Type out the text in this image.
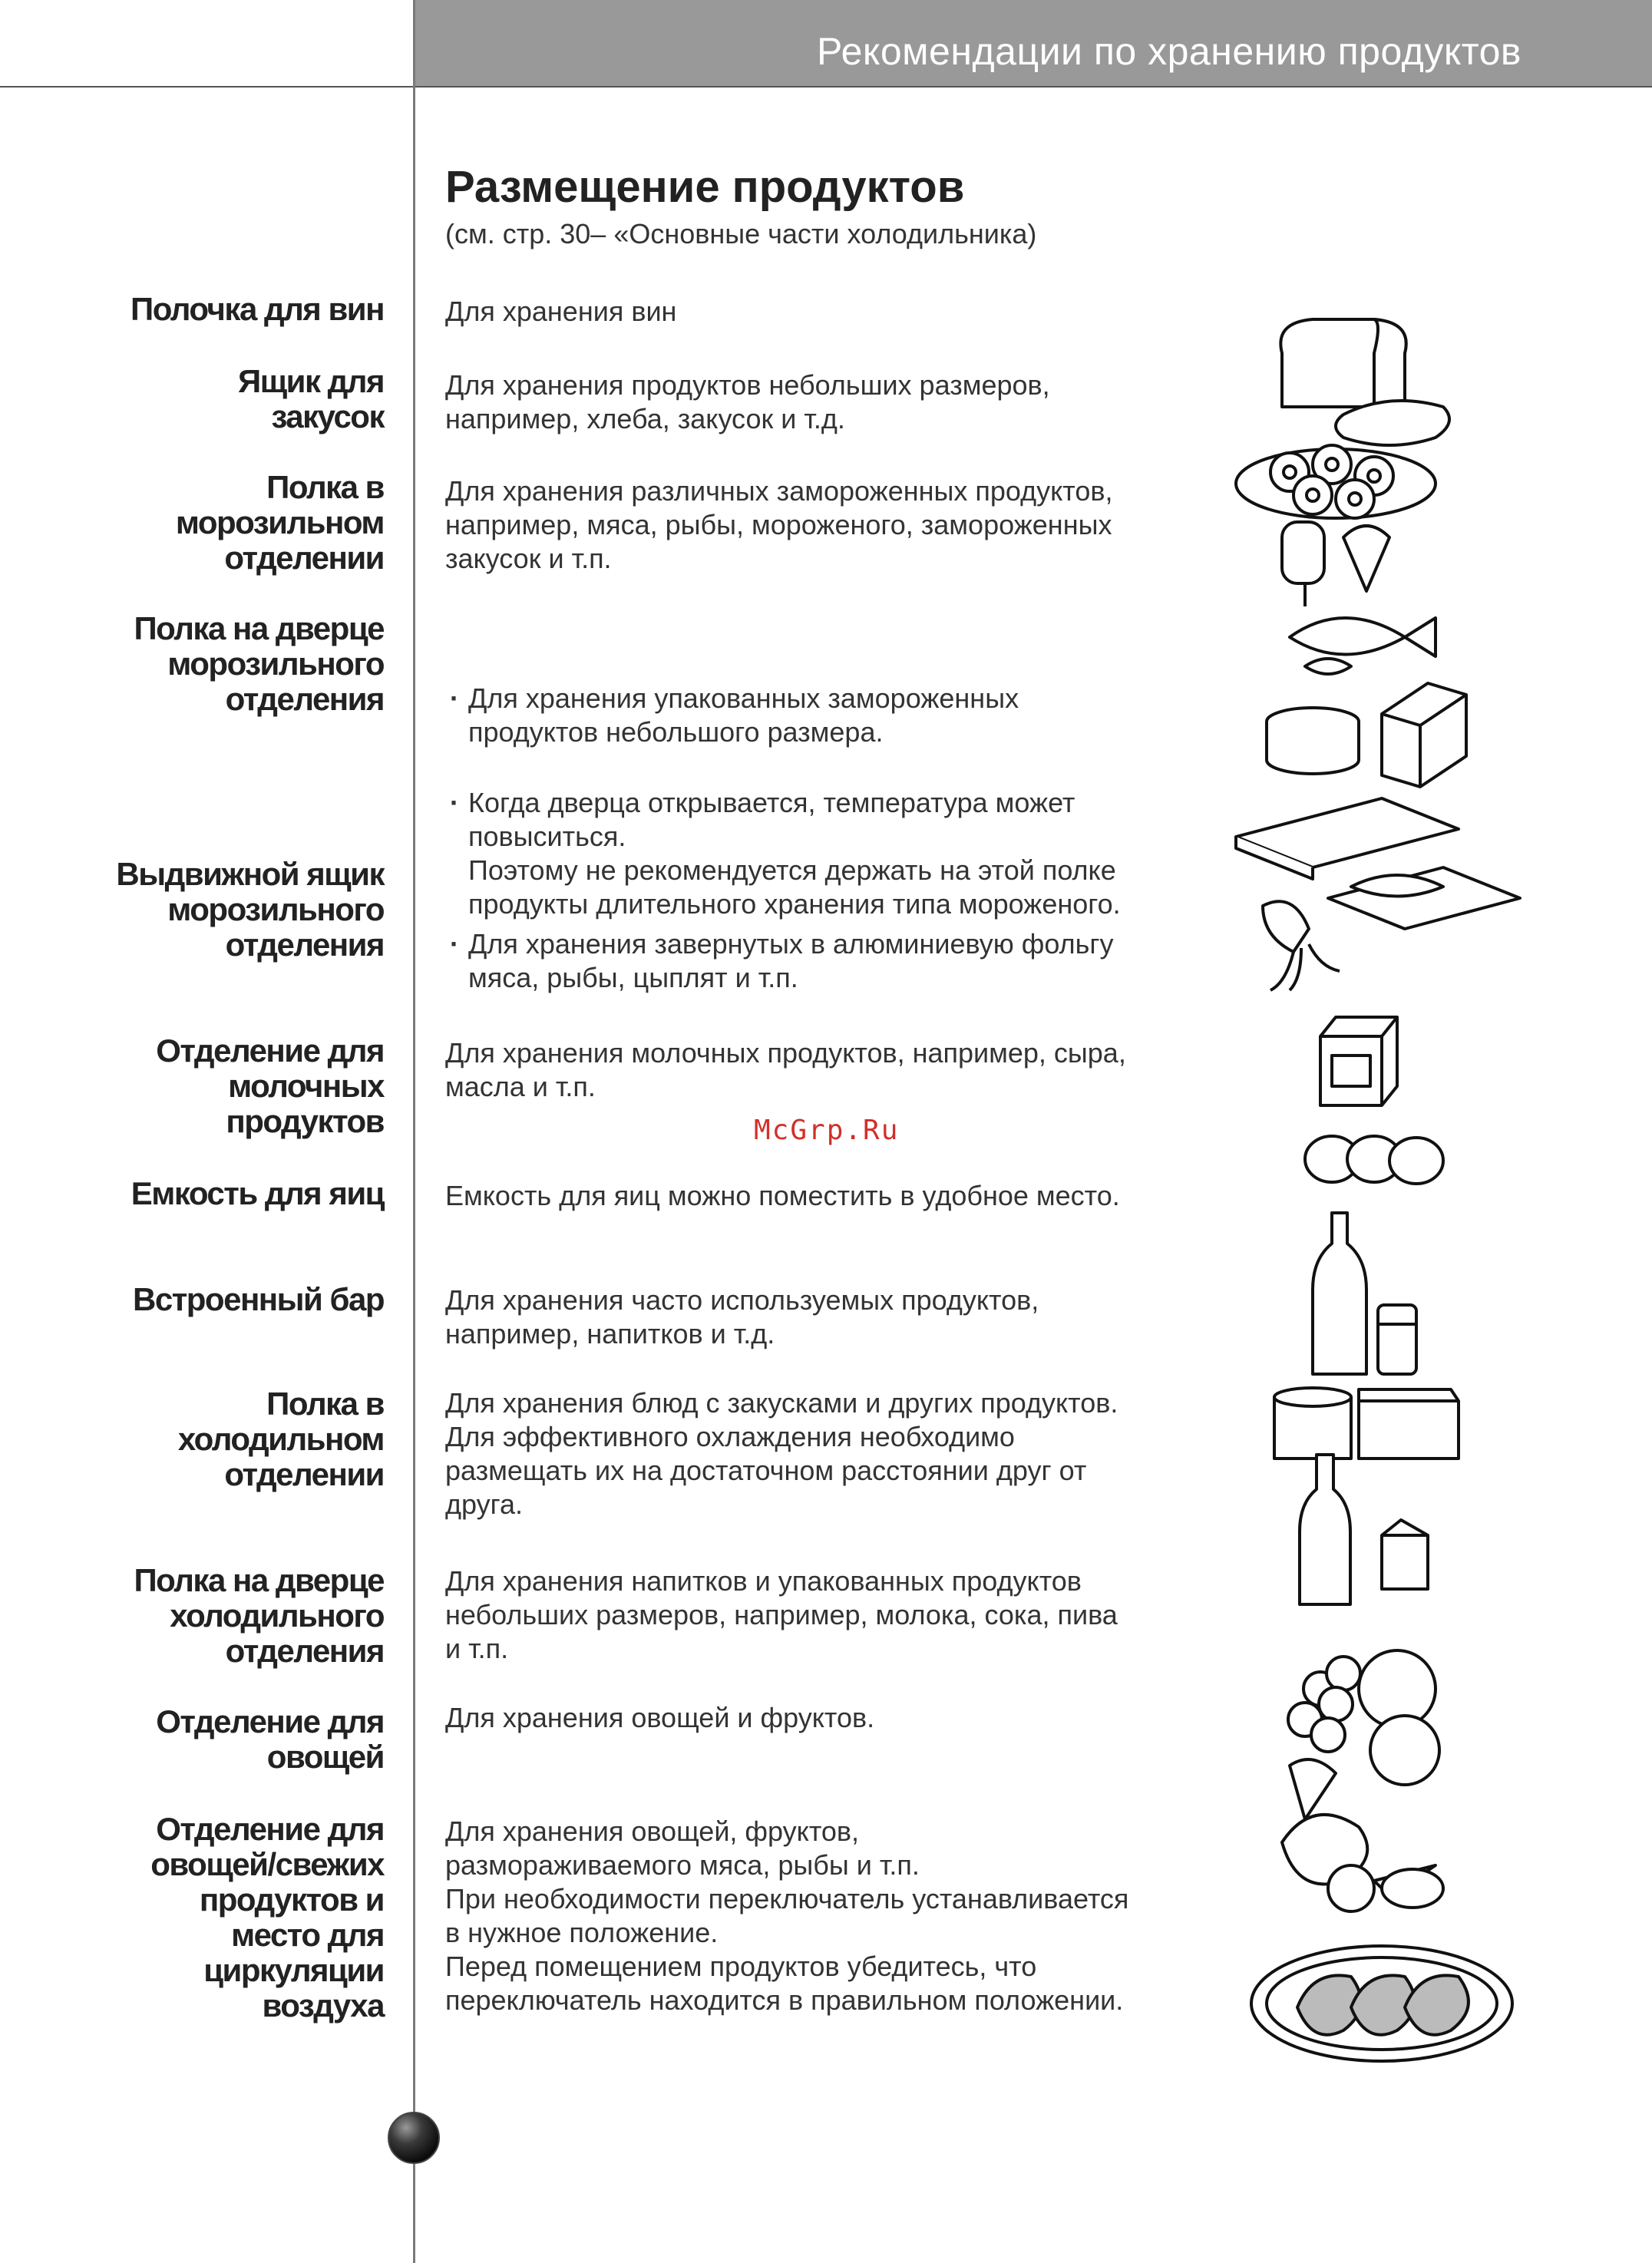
Рекомендации по хранению продуктов
Размещение продуктов
(см. стр. 30– «Основные части холодильника)
Полочка для вин Для хранения вин
Ящик для
закусок
Для хранения продуктов небольших размеров,
например, хлеба, закусок и т.д.
Полка в
морозильном
отделении
Для хранения различных замороженных продуктов,
например, мяса, рыбы, мороженого, замороженных
закусок и т.п.
Полка на дверце
морозильного
отделения	· Для хранения упакованных замороженных
продуктов небольшого размера.

· Когда дверца открывается, температура может
повыситься.
Поэтому не рекомендуется держать на этой полке
продукты длительного хранения типа мороженого.

Выдвижной ящик
морозильного
отделения	· Для хранения завернутых в алюминиевую фольгу
мяса, рыбы, цыплят и т.п.

Отделение для
молочных
продуктов
Для хранения молочных продуктов, например, сыра,
масла и т.п.
Емкость для яиц Емкость для яиц можно поместить в удобное место.
Встроенный бар Для хранения часто используемых продуктов,
например, напитков и т.д.
Полка в
холодильном
отделении
Для хранения блюд с закусками и других продуктов.
Для эффективного охлаждения необходимо
размещать их на достаточном расстоянии друг от
друга.
Полка на дверце
холодильного
отделения
Для хранения напитков и упакованных продуктов
небольших размеров, например, молока, сока, пива
и т.п.
Отделение для
овощей
Для хранения овощей и фруктов.
Отделение для
овощей/свежих
продуктов и
место для
циркуляции
воздуха
Для хранения овощей, фруктов,
размораживаемого мяса, рыбы и т.п.
При необходимости переключатель устанавливается
в нужное положение.
Перед помещением продуктов убедитесь, что
переключатель находится в правильном положении.
McGrp.Ru
